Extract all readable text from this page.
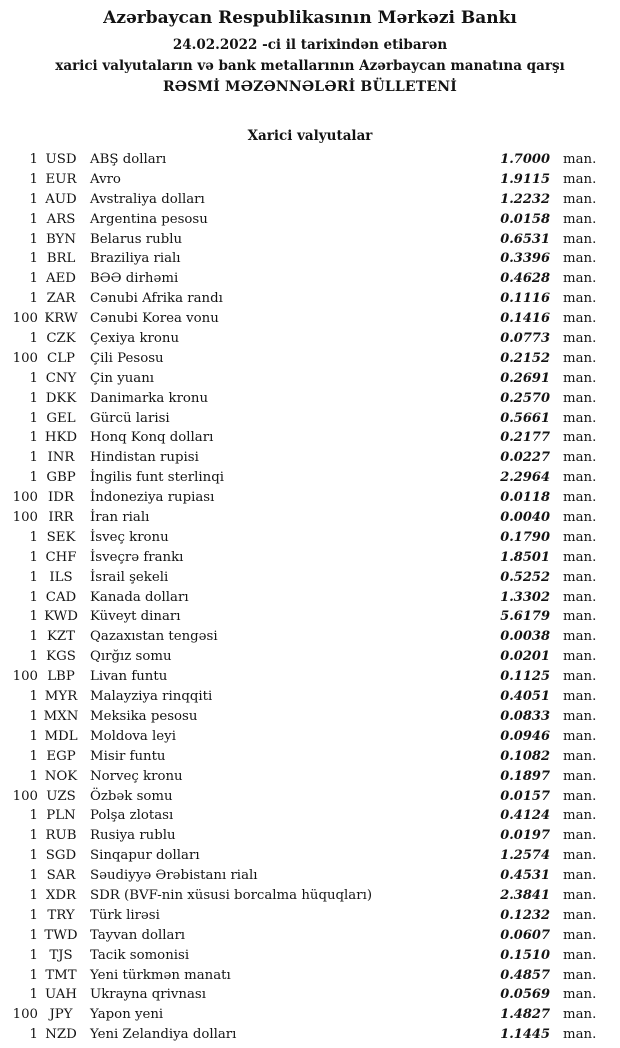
Azərbaycan Respublikasının Mərkəzi Bankı
24.02.2022 -ci il tarixindən etibarən
xarici valyutaların və bank metallarının Azərbaycan manatına qarşı
RƏSMİ MƏZƏNNƏLƏRİ BÜLLETENİ
Xarici valyutalar
1 USD	ABŞ dolları	1.7000 man.
1 EUR	Avro	1.9115 man.
1 AUD Avstraliya dolları	1.2232 man.
1 ARS	Argentina pesosu	0.0158 man.
1 BYN	Belarus rublu	0.6531 man.
1 BRL	Braziliya rialı	0.3396 man.
1 AED	BƏƏ dirhəmi	0.4628 man.
1 ZAR	Cənubi Afrika randı	0.1116 man.
100 KRW Cənubi Korea vonu	0.1416 man.
1 CZK	Çexiya kronu	0.0773 man.
100 CLP	Çili Pesosu	0.2152 man.
1 CNY	Çin yuanı	0.2691 man.
1 DKK	Danimarka kronu	0.2570 man.
1 GEL	Gürcü larisi	0.5661 man.
1 HKD Honq Konq dolları	0.2177 man.
1 INR	Hindistan rupisi	0.0227 man.
1 GBP	İngilis funt sterlinqi	2.2964 man.
100 IDR	İndoneziya rupiası	0.0118 man.
100 IRR	İran rialı	0.0040 man.
1 SEK	İsveç kronu	0.1790 man.
1 CHF	İsveçrə frankı	1.8501 man.
1 ILS	İsrail şekeli	0.5252 man.
1 CAD	Kanada dolları	1.3302 man.
1 KWD Küveyt dinarı	5.6179 man.
1 KZT	Qazaxıstan tengəsi	0.0038 man.
1 KGS	Qırğız somu	0.0201 man.
100 LBP	Livan funtu	0.1125 man.
1 MYR Malayziya rinqqiti	0.4051 man.
1 MXN Meksika pesosu	0.0833 man.
1 MDL Moldova leyi	0.0946 man.
1 EGP	Misir funtu	0.1082 man.
1 NOK Norveç kronu	0.1897 man.
100 UZS	Özbək somu	0.0157 man.
1 PLN	Polşa zlotası	0.4124 man.
1 RUB	Rusiya rublu	0.0197 man.
1 SGD	Sinqapur dolları	1.2574 man.
1 SAR	Səudiyyə Ərəbistanı rialı	0.4531 man.
1 XDR	SDR (BVF-nin xüsusi borcalma hüquqları)	2.3841 man.
1 TRY	Türk lirəsi	0.1232 man.
1 TWD Tayvan dolları	0.0607 man.
1 TJS	Tacik somonisi	0.1510 man.
1 TMT	Yeni türkmən manatı	0.4857 man.
1 UAH Ukrayna qrivnası	0.0569 man.
100 JPY	Yapon yeni	1.4827 man.
1 NZD Yeni Zelandiya dolları	1.1445 man.
